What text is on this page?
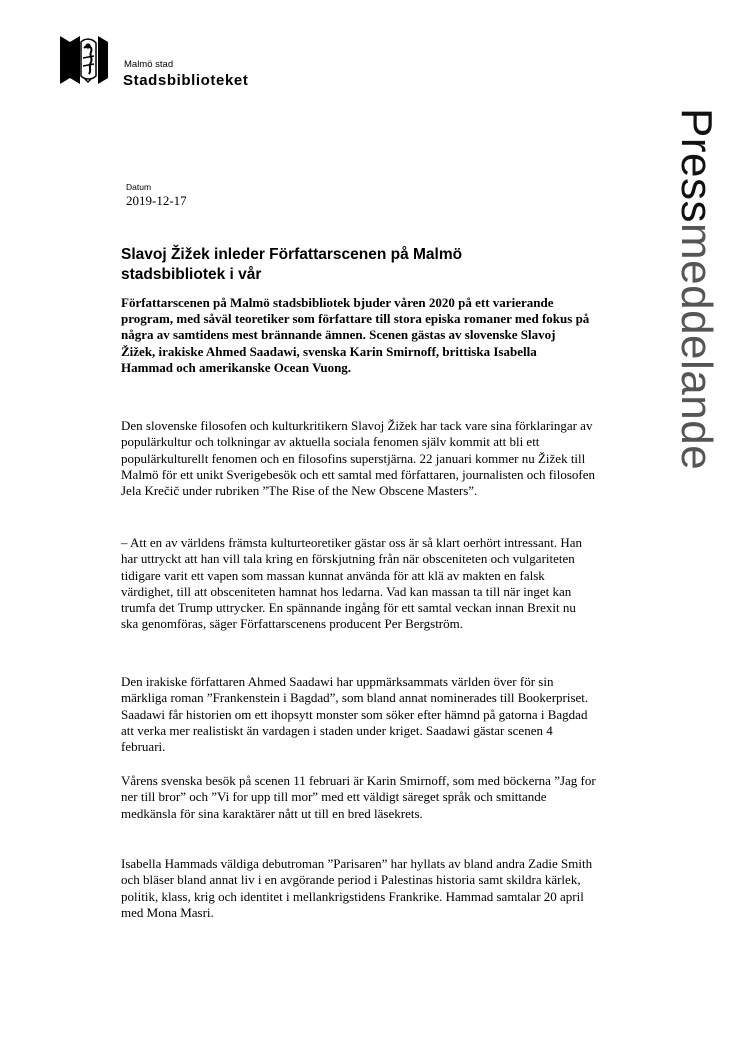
Malmö stad
Stadsbiblioteket
Pressmeddelande
Datum
2019-12-17
Slavoj Žižek inleder Författarscenen på Malmö stadsbibliotek i vår

Författarscenen på Malmö stadsbibliotek bjuder våren 2020 på ett varierande program, med såväl teoretiker som författare till stora episka romaner med fokus på några av samtidens mest brännande ämnen. Scenen gästas av slovenske Slavoj Žižek, irakiske Ahmed Saadawi, svenska Karin Smirnoff, brittiska Isabella Hammad och amerikanske Ocean Vuong.

Den slovenske filosofen och kulturkritikern Slavoj Žižek har tack vare sina förklaringar av populärkultur och tolkningar av aktuella sociala fenomen själv kommit att bli ett populärkulturellt fenomen och en filosofins superstjärna. 22 januari kommer nu Žižek till Malmö för ett unikt Sverigebesök och ett samtal med författaren, journalisten och filosofen Jela Krečič under rubriken ”The Rise of the New Obscene Masters”.

– Att en av världens främsta kulturteoretiker gästar oss är så klart oerhört intressant. Han har uttryckt att han vill tala kring en förskjutning från när obsceniteten och vulgariteten tidigare varit ett vapen som massan kunnat använda för att klä av makten en falsk värdighet, till att obsceniteten hamnat hos ledarna. Vad kan massan ta till när inget kan trumfa det Trump uttrycker. En spännande ingång för ett samtal veckan innan Brexit nu ska genomföras, säger Författarscenens producent Per Bergström.

Den irakiske författaren Ahmed Saadawi har uppmärksammats världen över för sin märkliga roman ”Frankenstein i Bagdad”, som bland annat nominerades till Bookerpriset. Saadawi får historien om ett ihopsytt monster som söker efter hämnd på gatorna i Bagdad att verka mer realistiskt än vardagen i staden under kriget. Saadawi gästar scenen 4 februari.

Vårens svenska besök på scenen 11 februari är Karin Smirnoff, som med böckerna ”Jag for ner till bror” och ”Vi for upp till mor” med ett väldigt säreget språk och smittande medkänsla för sina karaktärer nått ut till en bred läsekrets.

Isabella Hammads väldiga debutroman ”Parisaren” har hyllats av bland andra Zadie Smith och bläser bland annat liv i en avgörande period i Palestinas historia samt skildra kärlek, politik, klass, krig och identitet i mellankrigstidens Frankrike. Hammad samtalar 20 april med Mona Masri.
